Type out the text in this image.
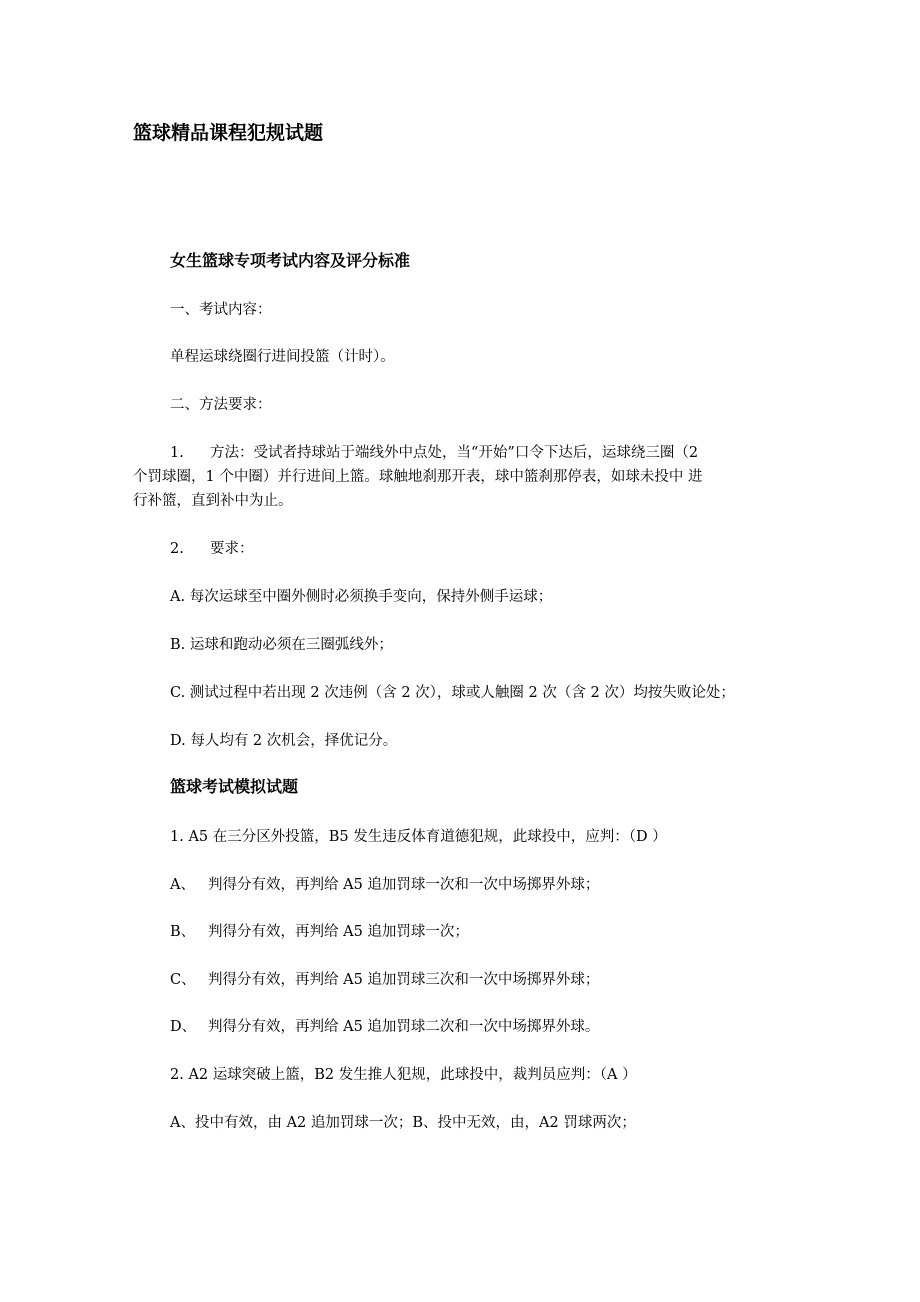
篮球精品课程犯规试题
女生篮球专项考试内容及评分标准
一、考试内容：
单程运球绕圈行进间投篮（计时）。
二、方法要求：
1. 方法：受试者持球站于端线外中点处，当“开始”口令下达后，运球绕三圈（2
个罚球圈，1 个中圈）并行进间上篮。球触地刹那开表，球中篮刹那停表，如球未投中 进
行补篮，直到补中为止。
2. 要求：
A. 每次运球至中圈外侧时必须换手变向，保持外侧手运球；
B. 运球和跑动必须在三圈弧线外；
C. 测试过程中若出现 2 次违例（含 2 次），球或人触圈 2 次（含 2 次）均按失败论处；
D. 每人均有 2 次机会，择优记分。
篮球考试模拟试题
1. A5 在三分区外投篮，B5 发生违反体育道德犯规，此球投中，应判：（D ）
A、 判得分有效，再判给 A5 追加罚球一次和一次中场掷界外球；
B、 判得分有效，再判给 A5 追加罚球一次；
C、 判得分有效，再判给 A5 追加罚球三次和一次中场掷界外球；
D、 判得分有效，再判给 A5 追加罚球二次和一次中场掷界外球。
2. A2 运球突破上篮，B2 发生推人犯规，此球投中，裁判员应判：（A ）
A、投中有效，由 A2 追加罚球一次；B、投中无效，由，A2 罚球两次；
